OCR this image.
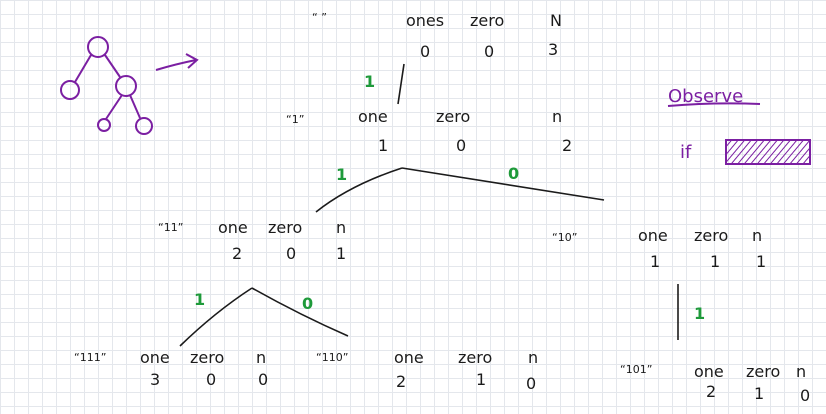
“ ”	ones zero	N
0	0	3
1
“1”	one	zero	n
1	0	2
1	0
“11” one zero n
2	0 1
“10”	one zero n
1	1 1
1	0
1
“111” one zero n
3	0	0
“110”	one zero n
2	1 0
“101”	one zero n
2 1 0
Observe
if
